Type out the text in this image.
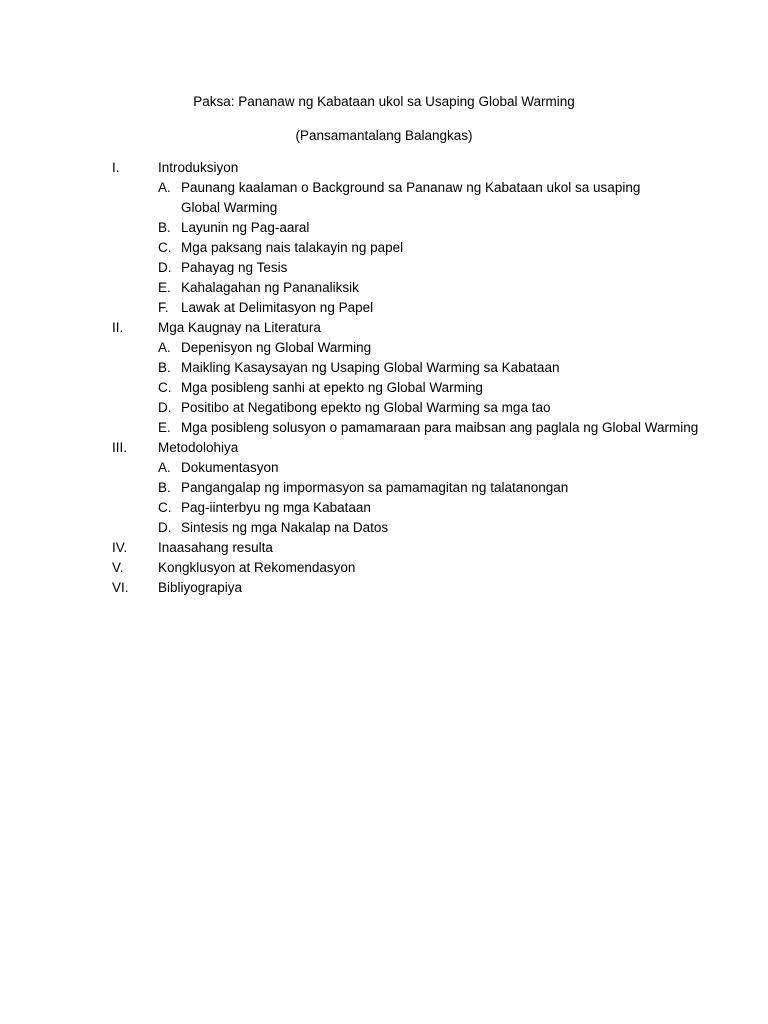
Paksa: Pananaw ng Kabataan ukol sa Usaping Global Warming
(Pansamantalang Balangkas)
I.	Introduksiyon
A. Paunang kaalaman o Background sa Pananaw ng Kabataan ukol sa usaping Global Warming
B. Layunin ng Pag-aaral
C. Mga paksang nais talakayin ng papel
D. Pahayag ng Tesis
E. Kahalagahan ng Pananaliksik
F. Lawak at Delimitasyon ng Papel
II.	Mga Kaugnay na Literatura
A. Depenisyon ng Global Warming
B. Maikling Kasaysayan ng Usaping Global Warming sa Kabataan
C. Mga posibleng sanhi at epekto ng Global Warming
D. Positibo at Negatibong epekto ng Global Warming sa mga tao
E. Mga posibleng solusyon o pamamaraan para maibsan ang paglala ng Global Warming
III. Metodolohiya
A. Dokumentasyon
B. Pangangalap ng impormasyon sa pamamagitan ng talatanongan
C. Pag-iinterbyu ng mga Kabataan
D. Sintesis ng mga Nakalap na Datos
IV. Inaasahang resulta
V.	Kongklusyon at Rekomendasyon
VI. Bibliyograpiya
